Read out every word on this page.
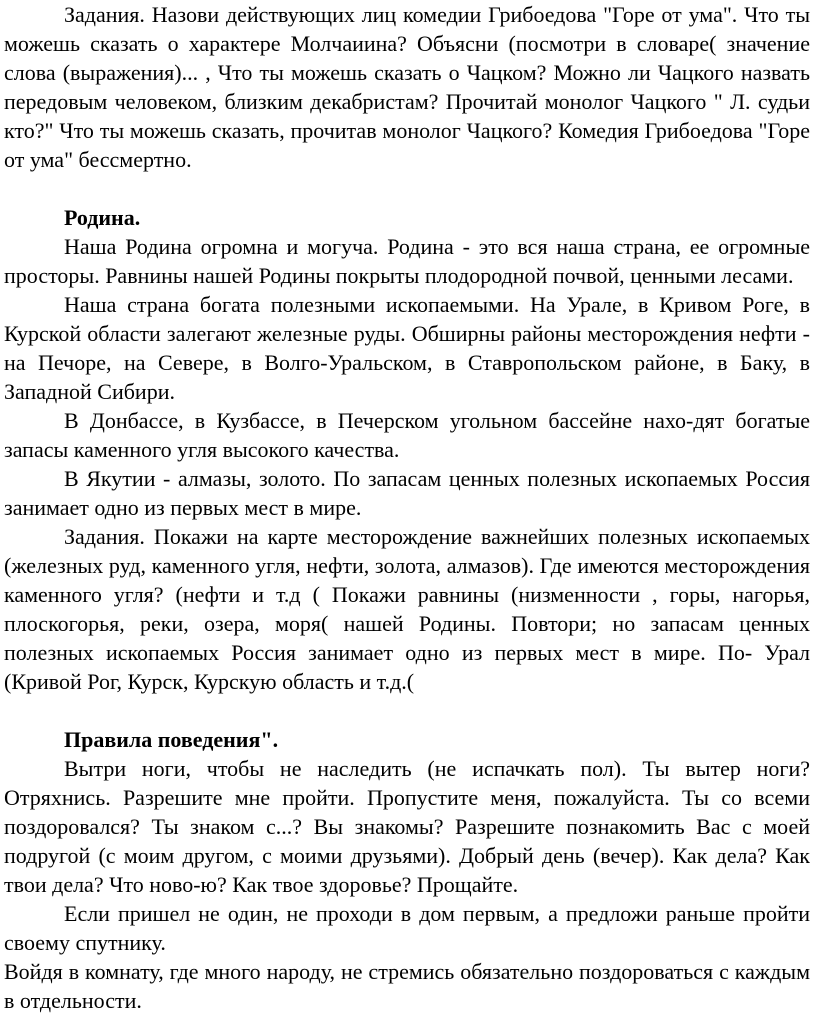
Задания. Назови действующих лиц комедии Грибоедова "Горе от ума". Что ты можешь сказать о характере Молчаиина? Объясни (посмотри в словаре( значение слова (выражения)... , Что ты можешь сказать о Чацком? Можно ли Чацкого назвать передовым человеком, близким декабристам? Прочитай монолог Чацкого " Л. судьи кто?" Что ты можешь сказать, прочитав монолог Чацкого? Комедия Грибоедова "Горе от ума" бессмертно.

Родина.

Наша Родина огромна и могуча. Родина - это вся наша страна, ее огромные просторы. Равнины нашей Родины покрыты плодородной почвой, ценными лесами.

Наша страна богата полезными ископаемыми. На Урале, в Кривом Роге, в Курской области залегают железные руды. Обширны районы месторождения нефти - на Печоре, на Севере, в Волго-Уральском, в Ставропольском районе, в Баку, в Западной Сибири.

В Донбассе, в Кузбассе, в Печерском угольном бассейне нахо-дят богатые запасы каменного угля высокого качества.

В Якутии - алмазы, золото. По запасам ценных полезных ископаемых Россия занимает одно из первых мест в мире.

Задания. Покажи на карте месторождение важнейших полезных ископаемых (железных руд, каменного угля, нефти, золота, алмазов). Где имеются месторождения каменного угля? (нефти и т.д ( Покажи равнины (низменности , горы, нагорья, плоскогорья, реки, озера, моря( нашей Родины. Повтори; но запасам ценных полезных ископаемых Россия занимает одно из первых мест в мире. По- Урал (Кривой Рог, Курск, Курскую область и т.д.(

Правила поведения".

Вытри ноги, чтобы не наследить (не испачкать пол). Ты вытер ноги? Отряхнись. Разрешите мне пройти. Пропустите меня, пожалуйста. Ты со всеми поздоровался? Ты знаком с...? Вы знакомы? Разрешите познакомить Вас с моей подругой (с моим другом, с моими друзьями). Добрый день (вечер). Как дела? Как твои дела? Что ново-ю? Как твое здоровье? Прощайте.

Если пришел не один, не проходи в дом первым, а предложи раньше пройти своему спутнику.

Войдя в комнату, где много народу, не стремись обязательно поздороваться с каждым в отдельности.
